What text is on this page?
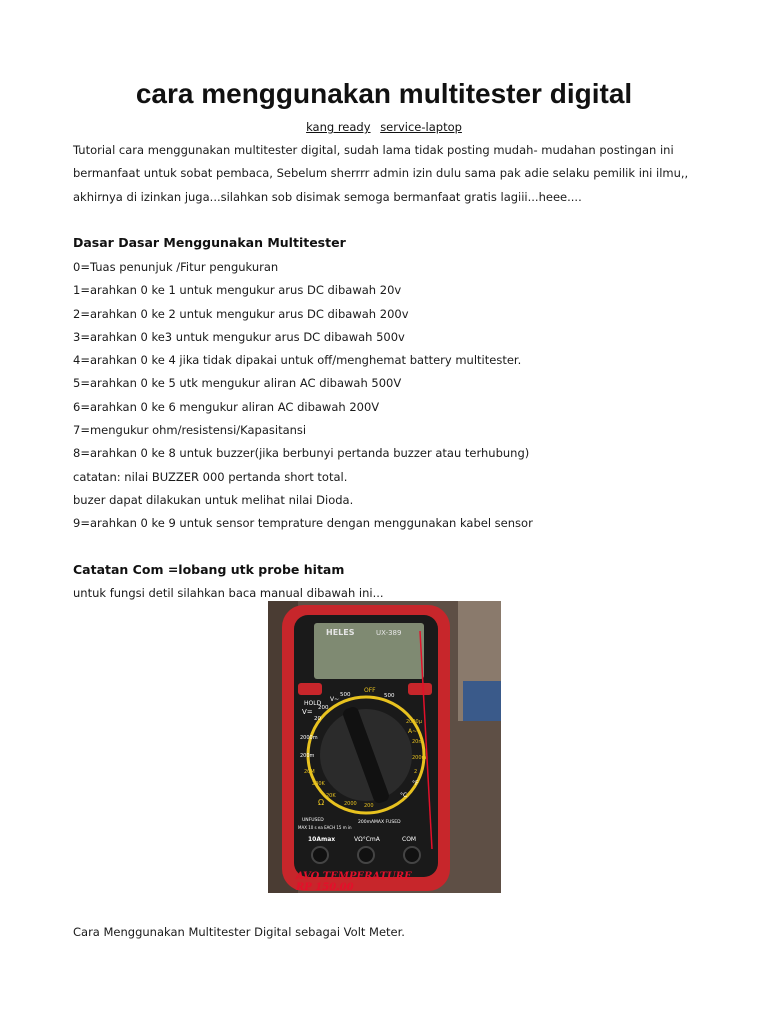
cara menggunakan multitester digital
kang ready service-laptop

Tutorial cara menggunakan multitester digital, sudah lama tidak posting mudah- mudahan postingan ini

bermanfaat untuk sobat pembaca, Sebelum sherrrr admin izin dulu sama pak adie selaku pemilik ini ilmu,,

akhirnya di izinkan juga...silahkan sob disimak semoga bermanfaat gratis lagiii...heee....

Dasar Dasar Menggunakan Multitester

0=Tuas penunjuk /Fitur pengukuran

1=arahkan 0 ke 1 untuk mengukur arus DC dibawah 20v

2=arahkan 0 ke 2 untuk mengukur arus DC dibawah 200v

3=arahkan 0 ke3 untuk mengukur arus DC dibawah 500v

4=arahkan 0 ke 4 jika tidak dipakai untuk off/menghemat battery multitester.

5=arahkan 0 ke 5 utk mengukur aliran AC dibawah 500V

6=arahkan 0 ke 6 mengukur aliran AC dibawah 200V

7=mengukur ohm/resistensi/Kapasitansi

8=arahkan 0 ke 8 untuk buzzer(jika berbunyi pertanda buzzer atau terhubung)

catatan: nilai BUZZER 000 pertanda short total.

buzer dapat dilakukan untuk melihat nilai Dioda.

9=arahkan 0 ke 9 untuk sensor temprature dengan menggunakan kabel sensor

Catatan Com =lobang utk probe hitam

untuk fungsi detil silahkan baca manual dibawah ini...

HELES	UX-389
HOLD
OFF
500	500
200
20
V=
2000m
200m
20M
200K
20K
2000 200
Ω
2000μ
A~
20m
200m
2
°F
°C
V~
UNFUSED
MAX 10 s ea EACH 15 m in
200mAMAX FUSED
10Amax	VΩ°CmA	COM
AVO TEMPERATURE
RP 150.00

Cara Menggunakan Multitester Digital sebagai Volt Meter.
